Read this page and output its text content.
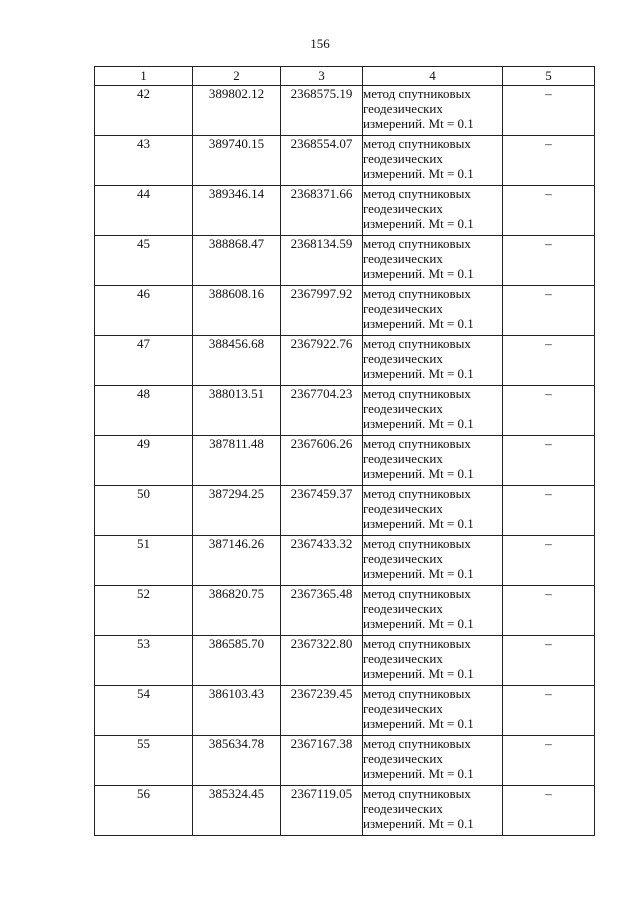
156
1	2	3	4	5
42	389802.12	2368575.19	метод спутниковых
геодезических
измерений. Mt = 0.1	–
43	389740.15	2368554.07	метод спутниковых
геодезических
измерений. Mt = 0.1	–
44	389346.14	2368371.66	метод спутниковых
геодезических
измерений. Mt = 0.1	–
45	388868.47	2368134.59	метод спутниковых
геодезических
измерений. Mt = 0.1	–
46	388608.16	2367997.92	метод спутниковых
геодезических
измерений. Mt = 0.1	–
47	388456.68	2367922.76	метод спутниковых
геодезических
измерений. Mt = 0.1	–
48	388013.51	2367704.23	метод спутниковых
геодезических
измерений. Mt = 0.1	–
49	387811.48	2367606.26	метод спутниковых
геодезических
измерений. Mt = 0.1	–
50	387294.25	2367459.37	метод спутниковых
геодезических
измерений. Mt = 0.1	–
51	387146.26	2367433.32	метод спутниковых
геодезических
измерений. Mt = 0.1	–
52	386820.75	2367365.48	метод спутниковых
геодезических
измерений. Mt = 0.1	–
53	386585.70	2367322.80	метод спутниковых
геодезических
измерений. Mt = 0.1	–
54	386103.43	2367239.45	метод спутниковых
геодезических
измерений. Mt = 0.1	–
55	385634.78	2367167.38	метод спутниковых
геодезических
измерений. Mt = 0.1	–
56	385324.45	2367119.05	метод спутниковых
геодезических
измерений. Mt = 0.1	–
